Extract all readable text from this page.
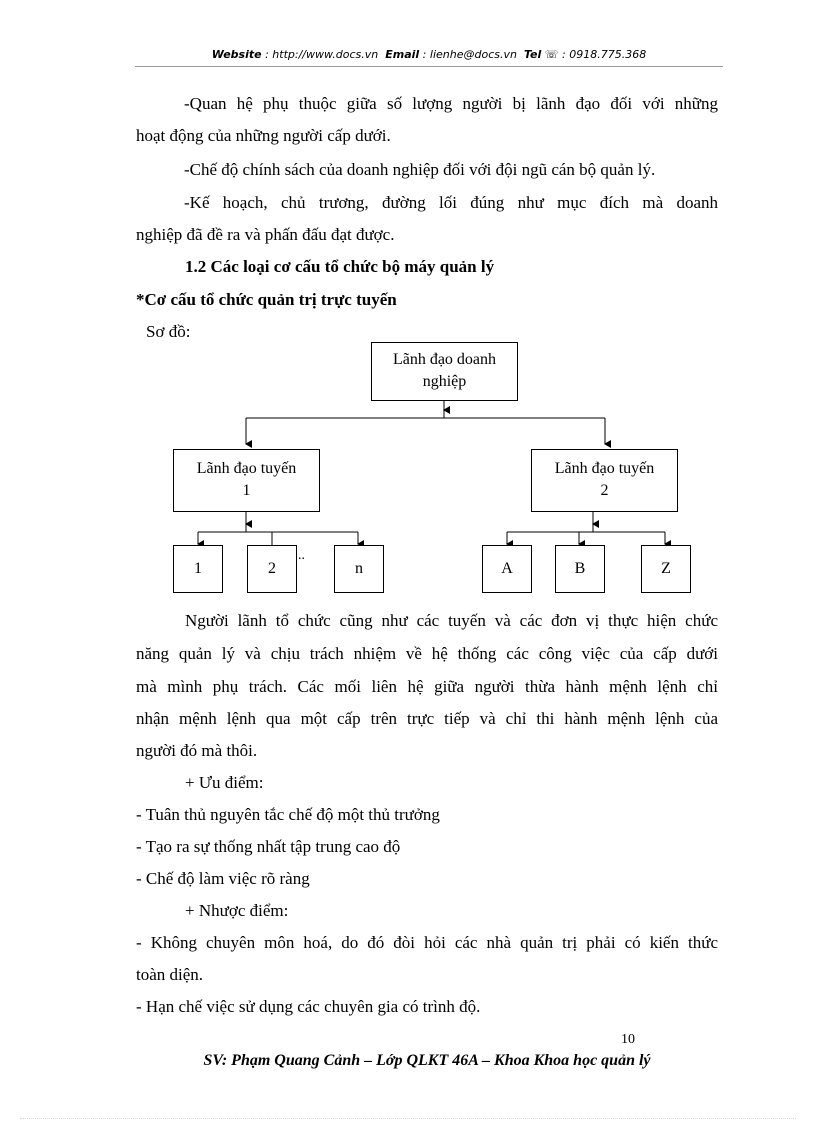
Website : http://www.docs.vn Email : lienhe@docs.vn Tel ☏ : 0918.775.368
-Quan hệ phụ thuộc giữa số lượng người bị lãnh đạo đối với những
hoạt động của những người cấp dưới.
-Chế độ chính sách của doanh nghiệp đối với đội ngũ cán bộ quản lý.
-Kế hoạch, chủ trương, đường lối đúng như mục đích mà doanh
nghiệp đã đề ra và phấn đấu đạt được.
1.2 Các loại cơ cấu tổ chức bộ máy quản lý
*Cơ cấu tổ chức quản trị trực tuyến
Sơ đồ:
Lãnh đạo doanh
nghiệp
Lãnh đạo tuyến
1
Lãnh đạo tuyến
2
1	2
..
n	A	B	Z
Người lãnh tổ chức cũng như các tuyến và các đơn vị thực hiện chức
năng quản lý và chịu trách nhiệm về hệ thống các công việc của cấp dưới
mà mình phụ trách. Các mối liên hệ giữa người thừa hành mệnh lệnh chỉ
nhận mệnh lệnh qua một cấp trên trực tiếp và chỉ thi hành mệnh lệnh của
người đó mà thôi.
+ Ưu điểm:
- Tuân thủ nguyên tắc chế độ một thủ trưởng
- Tạo ra sự thống nhất tập trung cao độ
- Chế độ làm việc rõ ràng
+ Nhược điểm:
- Không chuyên môn hoá, do đó đòi hỏi các nhà quản trị phải có kiến thức
toàn diện.
- Hạn chế việc sử dụng các chuyên gia có trình độ.
10
SV: Phạm Quang Cảnh – Lớp QLKT 46A – Khoa Khoa học quản lý
